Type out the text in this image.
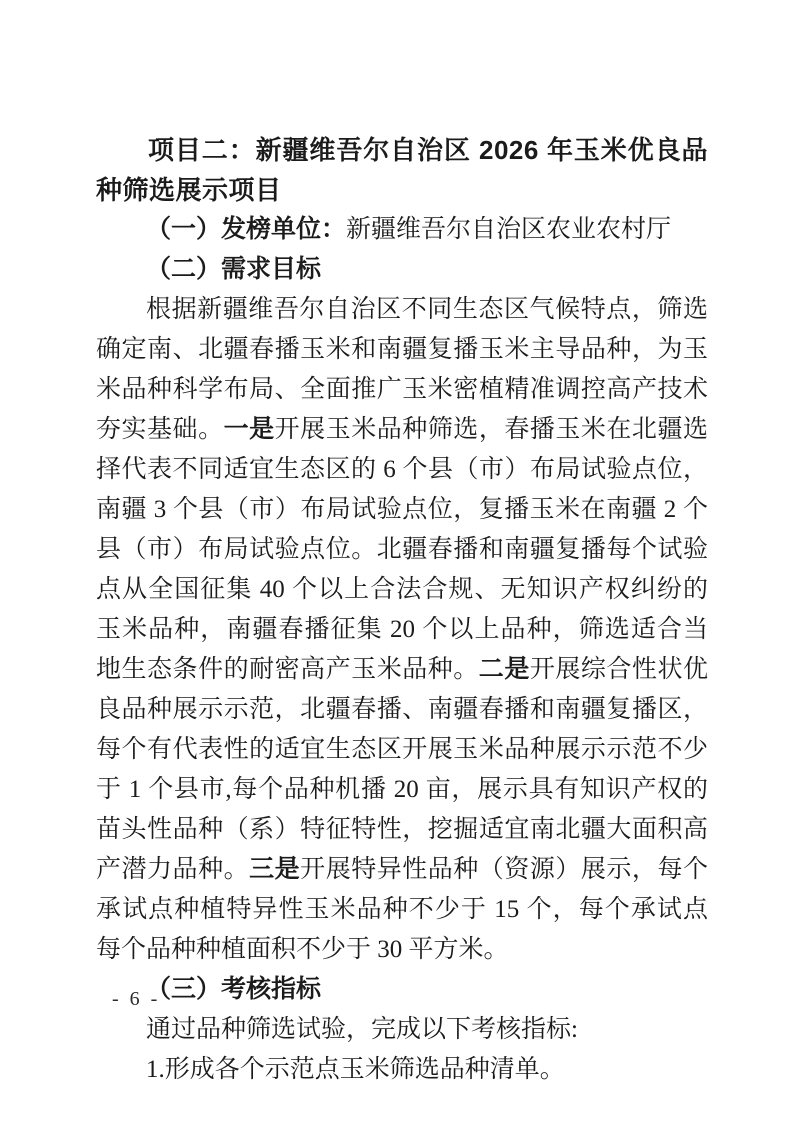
项目二：新疆维吾尔自治区 2026 年玉米优良品种筛选展示项目

（一）发榜单位：新疆维吾尔自治区农业农村厅

（二）需求目标

根据新疆维吾尔自治区不同生态区气候特点，筛选确定南、北疆春播玉米和南疆复播玉米主导品种，为玉米品种科学布局、全面推广玉米密植精准调控高产技术夯实基础。一是开展玉米品种筛选，春播玉米在北疆选择代表不同适宜生态区的 6 个县（市）布局试验点位，南疆 3 个县（市）布局试验点位，复播玉米在南疆 2 个县（市）布局试验点位。北疆春播和南疆复播每个试验点从全国征集 40 个以上合法合规、无知识产权纠纷的玉米品种，南疆春播征集 20 个以上品种，筛选适合当地生态条件的耐密高产玉米品种。二是开展综合性状优良品种展示示范，北疆春播、南疆春播和南疆复播区，每个有代表性的适宜生态区开展玉米品种展示示范不少于 1 个县市,每个品种机播 20 亩，展示具有知识产权的苗头性品种（系）特征特性，挖掘适宜南北疆大面积高产潜力品种。三是开展特异性品种（资源）展示，每个承试点种植特异性玉米品种不少于 15 个，每个承试点每个品种种植面积不少于 30 平方米。

（三）考核指标

通过品种筛选试验，完成以下考核指标:

1.形成各个示范点玉米筛选品种清单。

- 6 -
